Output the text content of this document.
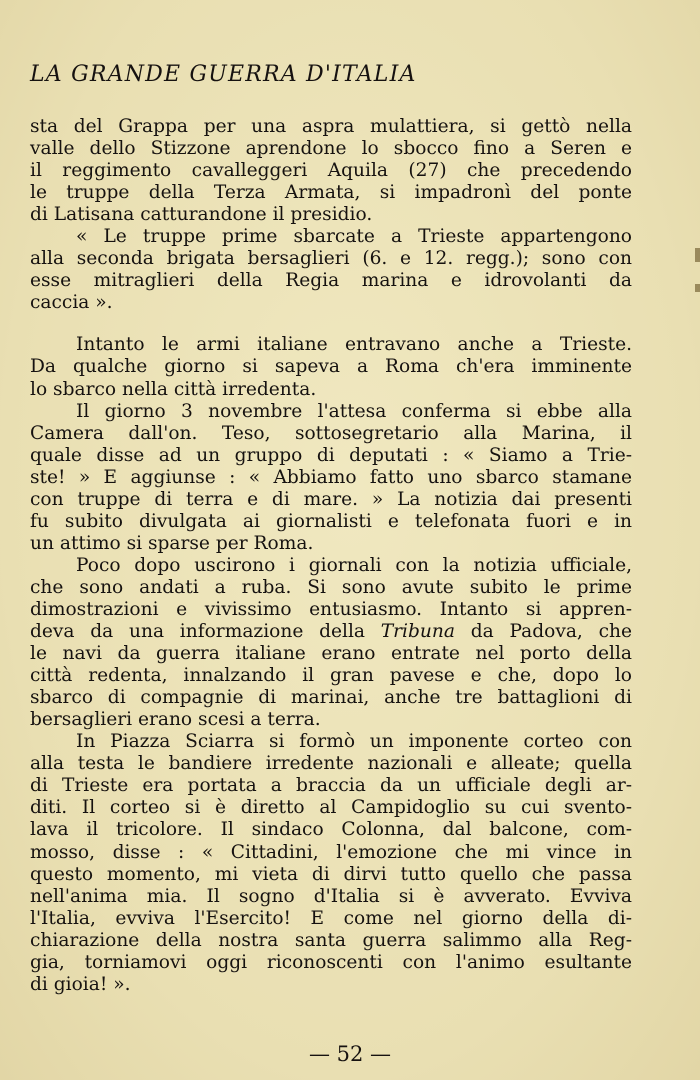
LA GRANDE GUERRA D'ITALIA
sta del Grappa per una aspra mulattiera, si gettò nella
valle dello Stizzone aprendone lo sbocco fino a Seren e
il reggimento cavalleggeri Aquila (27) che precedendo
le truppe della Terza Armata, si impadronì del ponte
di Latisana catturandone il presidio.
« Le truppe prime sbarcate a Trieste appartengono
alla seconda brigata bersaglieri (6. e 12. regg.); sono con
esse mitraglieri della Regia marina e idrovolanti da
caccia ».
Intanto le armi italiane entravano anche a Trieste.
Da qualche giorno si sapeva a Roma ch'era imminente
lo sbarco nella città irredenta.
Il giorno 3 novembre l'attesa conferma si ebbe alla
Camera dall'on. Teso, sottosegretario alla Marina, il
quale disse ad un gruppo di deputati : « Siamo a Trie-
ste! » E aggiunse : « Abbiamo fatto uno sbarco stamane
con truppe di terra e di mare. » La notizia dai presenti
fu subito divulgata ai giornalisti e telefonata fuori e in
un attimo si sparse per Roma.
Poco dopo uscirono i giornali con la notizia ufficiale,
che sono andati a ruba. Si sono avute subito le prime
dimostrazioni e vivissimo entusiasmo. Intanto si appren-
deva da una informazione della Tribuna da Padova, che
le navi da guerra italiane erano entrate nel porto della
città redenta, innalzando il gran pavese e che, dopo lo
sbarco di compagnie di marinai, anche tre battaglioni di
bersaglieri erano scesi a terra.
In Piazza Sciarra si formò un imponente corteo con
alla testa le bandiere irredente nazionali e alleate; quella
di Trieste era portata a braccia da un ufficiale degli ar-
diti. Il corteo si è diretto al Campidoglio su cui svento-
lava il tricolore. Il sindaco Colonna, dal balcone, com-
mosso, disse : « Cittadini, l'emozione che mi vince in
questo momento, mi vieta di dirvi tutto quello che passa
nell'anima mia. Il sogno d'Italia si è avverato. Evviva
l'Italia, evviva l'Esercito! E come nel giorno della di-
chiarazione della nostra santa guerra salimmo alla Reg-
gia, torniamovi oggi riconoscenti con l'animo esultante
di gioia! ».
— 52 —
